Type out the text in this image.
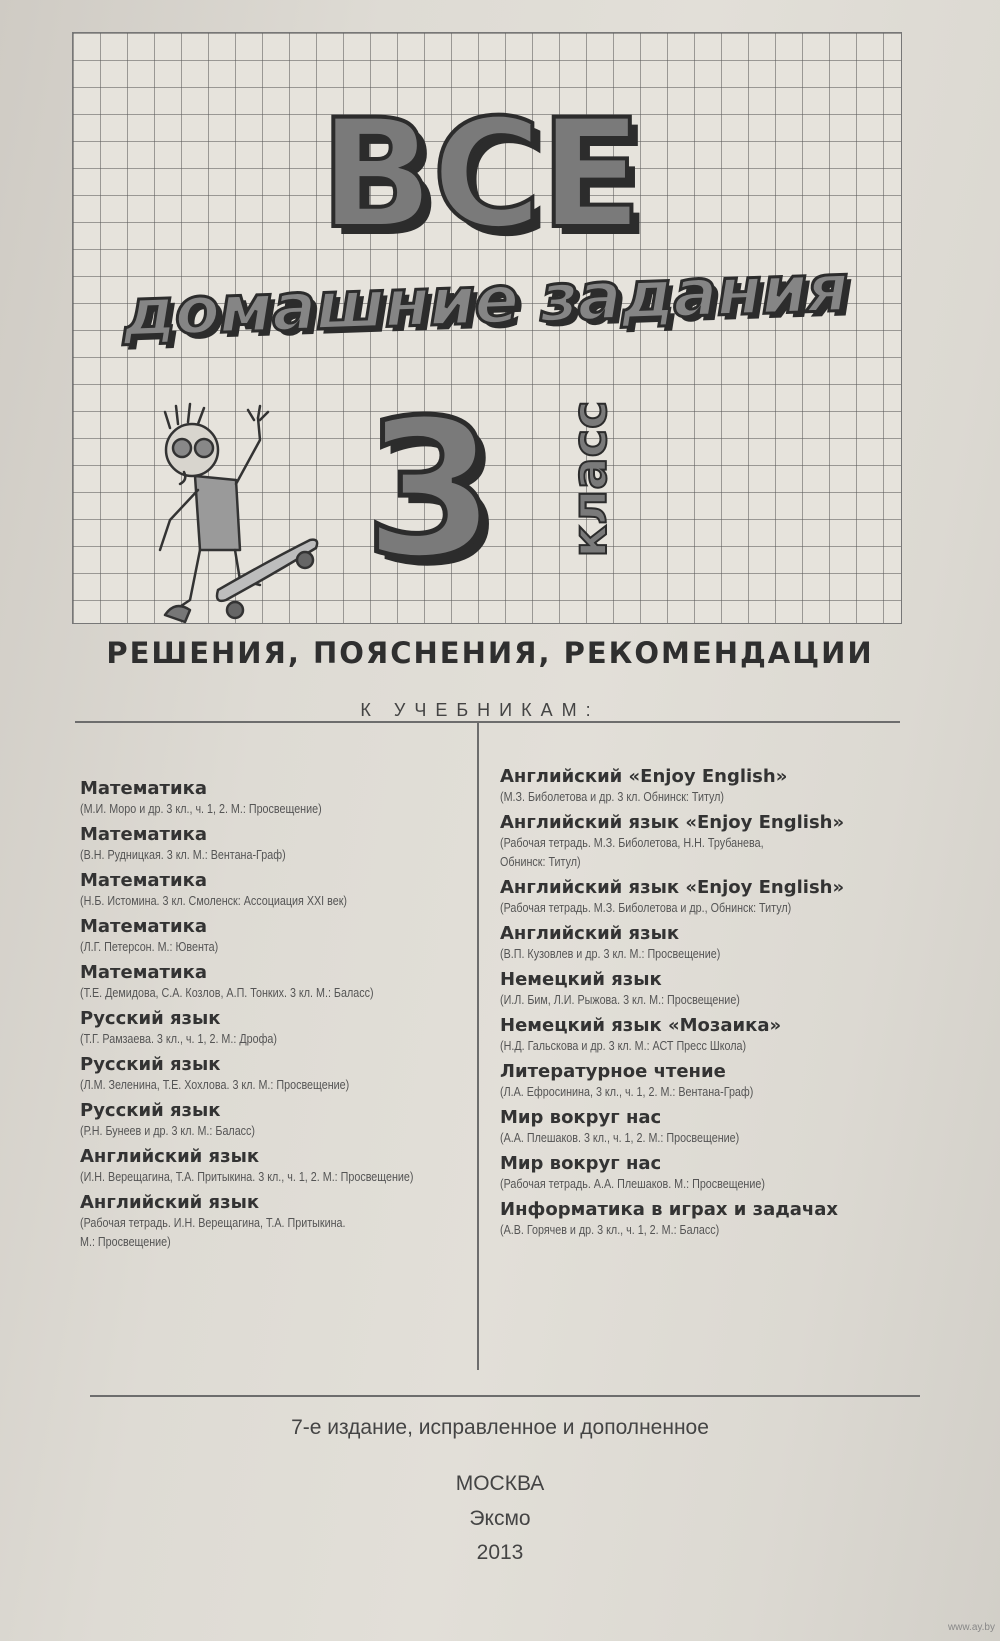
ВСЕ
домашние задания
3 класс
РЕШЕНИЯ, ПОЯСНЕНИЯ, РЕКОМЕНДАЦИИ
К УЧЕБНИКАМ:
Математика
(М.И. Моро и др. 3 кл., ч. 1, 2. М.: Просвещение)
Математика
(В.Н. Рудницкая. 3 кл. М.: Вентана-Граф)
Математика
(Н.Б. Истомина. 3 кл. Смоленск: Ассоциация XXI век)
Математика
(Л.Г. Петерсон. М.: Ювента)
Математика
(Т.Е. Демидова, С.А. Козлов, А.П. Тонких. 3 кл. М.: Баласс)
Русский язык
(Т.Г. Рамзаева. 3 кл., ч. 1, 2. М.: Дрофа)
Русский язык
(Л.М. Зеленина, Т.Е. Хохлова. 3 кл. М.: Просвещение)
Русский язык
(Р.Н. Бунеев и др. 3 кл. М.: Баласс)
Английский язык
(И.Н. Верещагина, Т.А. Притыкина. 3 кл., ч. 1, 2. М.: Просвещение)
Английский язык
(Рабочая тетрадь. И.Н. Верещагина, Т.А. Притыкина.
М.: Просвещение)
Английский «Enjoy English»
(М.З. Биболетова и др. 3 кл. Обнинск: Титул)
Английский язык «Enjoy English»
(Рабочая тетрадь. М.З. Биболетова, Н.Н. Трубанева,
Обнинск: Титул)
Английский язык «Enjoy English»
(Рабочая тетрадь. М.З. Биболетова и др., Обнинск: Титул)
Английский язык
(В.П. Кузовлев и др. 3 кл. М.: Просвещение)
Немецкий язык
(И.Л. Бим, Л.И. Рыжова. 3 кл. М.: Просвещение)
Немецкий язык «Мозаика»
(Н.Д. Гальскова и др. 3 кл. М.: АСТ Пресс Школа)
Литературное чтение
(Л.А. Ефросинина, 3 кл., ч. 1, 2. М.: Вентана-Граф)
Мир вокруг нас
(А.А. Плешаков. 3 кл., ч. 1, 2. М.: Просвещение)
Мир вокруг нас
(Рабочая тетрадь. А.А. Плешаков. М.: Просвещение)
Информатика в играх и задачах
(А.В. Горячев и др. 3 кл., ч. 1, 2. М.: Баласс)
7-е издание, исправленное и дополненное
МОСКВА
Эксмо
2013
www.ay.by
